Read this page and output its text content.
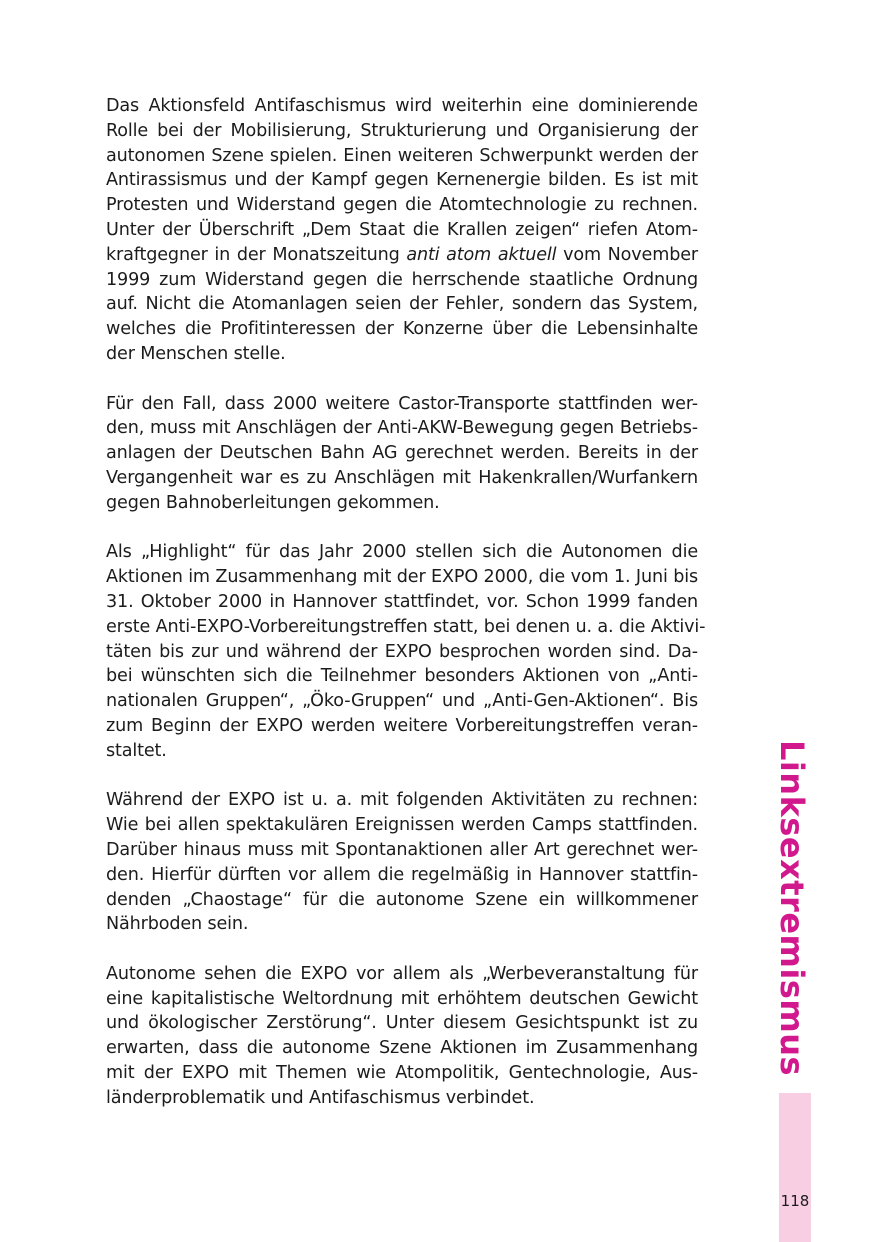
Das Aktionsfeld Antifaschismus wird weiterhin eine dominierende
Rolle bei der Mobilisierung, Strukturierung und Organisierung der
autonomen Szene spielen. Einen weiteren Schwerpunkt werden der
Antirassismus und der Kampf gegen Kernenergie bilden. Es ist mit
Protesten und Widerstand gegen die Atomtechnologie zu rechnen.
Unter der Überschrift „Dem Staat die Krallen zeigen“ riefen Atom-
kraftgegner in der Monatszeitung anti atom aktuell vom November
1999 zum Widerstand gegen die herrschende staatliche Ordnung
auf. Nicht die Atomanlagen seien der Fehler, sondern das System,
welches die Profitinteressen der Konzerne über die Lebensinhalte
der Menschen stelle.
Für den Fall, dass 2000 weitere Castor-Transporte stattfinden wer-
den, muss mit Anschlägen der Anti-AKW-Bewegung gegen Betriebs-
anlagen der Deutschen Bahn AG gerechnet werden. Bereits in der
Vergangenheit war es zu Anschlägen mit Hakenkrallen/Wurfankern
gegen Bahnoberleitungen gekommen.
Als „Highlight“ für das Jahr 2000 stellen sich die Autonomen die
Aktionen im Zusammenhang mit der EXPO 2000, die vom 1. Juni bis
31. Oktober 2000 in Hannover stattfindet, vor. Schon 1999 fanden
erste Anti-EXPO-Vorbereitungstreffen statt, bei denen u. a. die Aktivi-
täten bis zur und während der EXPO besprochen worden sind. Da-
bei wünschten sich die Teilnehmer besonders Aktionen von „Anti-
nationalen Gruppen“, „Öko-Gruppen“ und „Anti-Gen-Aktionen“. Bis
zum Beginn der EXPO werden weitere Vorbereitungstreffen veran-
staltet.
Während der EXPO ist u. a. mit folgenden Aktivitäten zu rechnen:
Wie bei allen spektakulären Ereignissen werden Camps stattfinden.
Darüber hinaus muss mit Spontanaktionen aller Art gerechnet wer-
den. Hierfür dürften vor allem die regelmäßig in Hannover stattfin-
denden „Chaostage“ für die autonome Szene ein willkommener
Nährboden sein.
Autonome sehen die EXPO vor allem als „Werbeveranstaltung für
eine kapitalistische Weltordnung mit erhöhtem deutschen Gewicht
und ökologischer Zerstörung“. Unter diesem Gesichtspunkt ist zu
erwarten, dass die autonome Szene Aktionen im Zusammenhang
mit der EXPO mit Themen wie Atompolitik, Gentechnologie, Aus-
länderproblematik und Antifaschismus verbindet.
Linksextremismus
118
